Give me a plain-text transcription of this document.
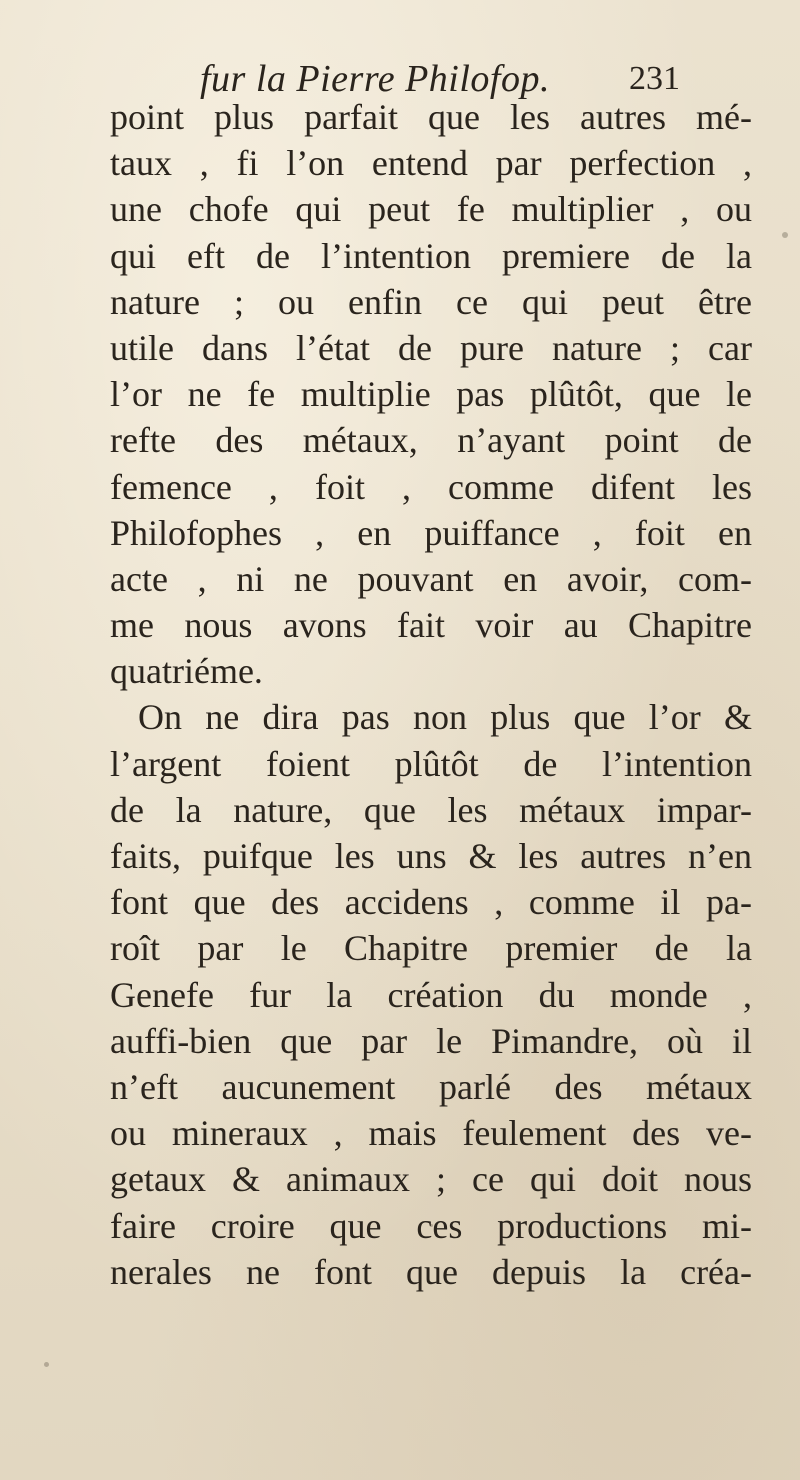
fur la Pierre Philofop. 231
point plus parfait que les autres mé-
taux , fi l’on entend par perfection ,
une chofe qui peut fe multiplier , ou
qui eft de l’intention premiere de la
nature ; ou enfin ce qui peut être
utile dans l’état de pure nature ; car
l’or ne fe multiplie pas plûtôt, que le
refte des métaux, n’ayant point de
femence , foit , comme difent les
Philofophes , en puiffance , foit en
acte , ni ne pouvant en avoir, com-
me nous avons fait voir au Chapitre
quatriéme.
On ne dira pas non plus que l’or &
l’argent foient plûtôt de l’intention
de la nature, que les métaux impar-
faits, puifque les uns & les autres n’en
font que des accidens , comme il pa-
roît par le Chapitre premier de la
Genefe fur la création du monde ,
auffi-bien que par le Pimandre, où il
n’eft aucunement parlé des métaux
ou mineraux , mais feulement des ve-
getaux & animaux ; ce qui doit nous
faire croire que ces productions mi-
nerales ne font que depuis la créa-
